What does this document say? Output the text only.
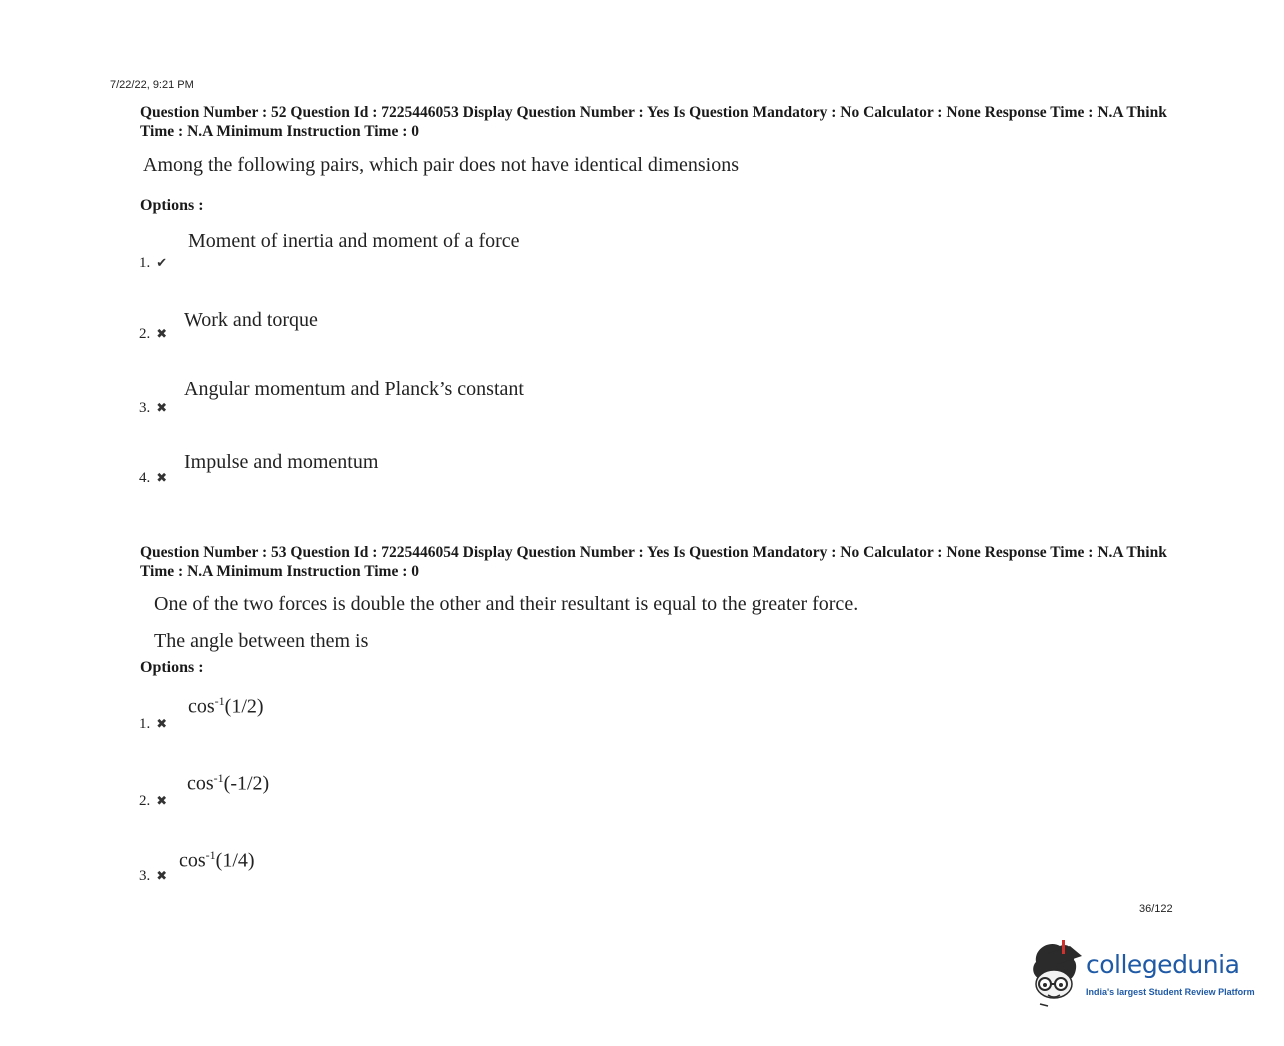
7/22/22, 9:21 PM
Question Number : 52 Question Id : 7225446053 Display Question Number : Yes Is Question Mandatory : No Calculator : None Response Time : N.A Think Time : N.A Minimum Instruction Time : 0
Among the following pairs, which pair does not have identical dimensions
Options :
Moment of inertia and moment of a force
1. ✔
Work and torque
2. ✖
Angular momentum and Planck’s constant
3. ✖
Impulse and momentum
4. ✖
Question Number : 53 Question Id : 7225446054 Display Question Number : Yes Is Question Mandatory : No Calculator : None Response Time : N.A Think Time : N.A Minimum Instruction Time : 0
One of the two forces is double the other and their resultant is equal to the greater force.
The angle between them is
Options :
$\cos^{-1}(1/2)$
1. ✖
$\cos^{-1}(-1/2)$
2. ✖
$\cos^{-1}(1/4)$
3. ✖
36/122
collegedunia
India's largest Student Review Platform
